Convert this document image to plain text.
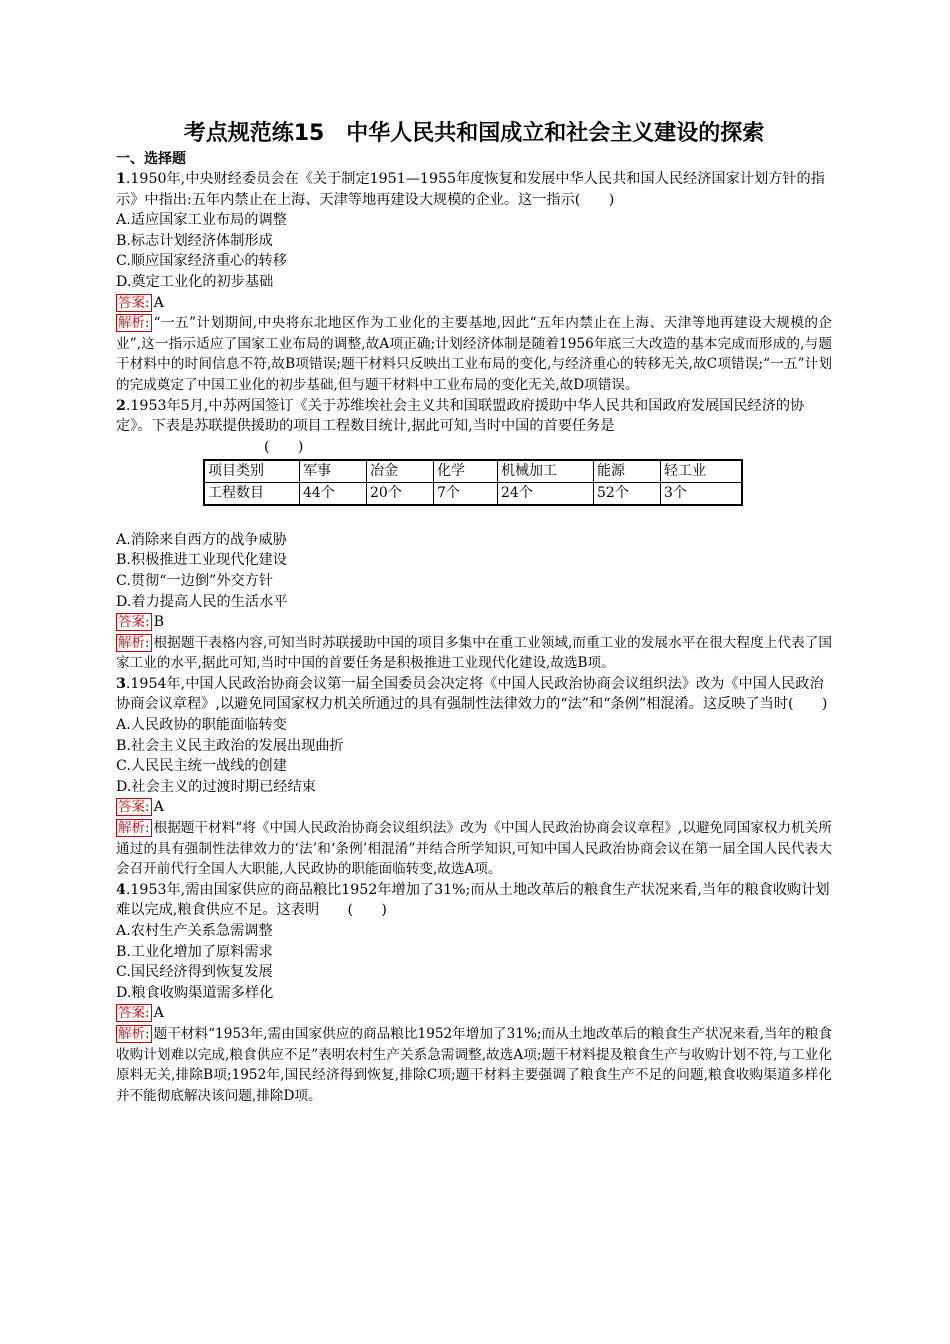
考点规范练15　中华人民共和国成立和社会主义建设的探索
一、选择题

1.1950年,中央财经委员会在《关于制定1951—1955年度恢复和发展中华人民共和国人民经济国家计划方针的指示》中指出:五年内禁止在上海、天津等地再建设大规模的企业。这一指示(　　)

A.适应国家工业布局的调整

B.标志计划经济体制形成

C.顺应国家经济重心的转移

D.奠定工业化的初步基础

答案: A

解析: “一五”计划期间,中央将东北地区作为工业化的主要基地,因此“五年内禁止在上海、天津等地再建设大规模的企业”,这一指示适应了国家工业布局的调整,故A项正确;计划经济体制是随着1956年底三大改造的基本完成而形成的,与题干材料中的时间信息不符,故B项错误;题干材料只反映出工业布局的变化,与经济重心的转移无关,故C项错误;“一五”计划的完成奠定了中国工业化的初步基础,但与题干材料中工业布局的变化无关,故D项错误。

2.1953年5月,中苏两国签订《关于苏维埃社会主义共和国联盟政府援助中华人民共和国政府发展国民经济的协定》。下表是苏联提供援助的项目工程数目统计,据此可知,当时中国的首要任务是

(　　)

项目类别	军事	冶金	化学	机械加工	能源	轻工业
工程数目	44个	20个	7个	24个	52个	3个

A.消除来自西方的战争威胁

B.积极推进工业现代化建设

C.贯彻“一边倒”外交方针

D.着力提高人民的生活水平

答案: B

解析: 根据题干表格内容,可知当时苏联援助中国的项目多集中在重工业领域,而重工业的发展水平在很大程度上代表了国家工业的水平,据此可知,当时中国的首要任务是积极推进工业现代化建设,故选B项。

3.1954年,中国人民政治协商会议第一届全国委员会决定将《中国人民政治协商会议组织法》改为《中国人民政治协商会议章程》,以避免同国家权力机关所通过的具有强制性法律效力的“法”和“条例”相混淆。这反映了当时(　　)

A.人民政协的职能面临转变

B.社会主义民主政治的发展出现曲折

C.人民民主统一战线的创建

D.社会主义的过渡时期已经结束

答案: A

解析: 根据题干材料“将《中国人民政治协商会议组织法》改为《中国人民政治协商会议章程》,以避免同国家权力机关所通过的具有强制性法律效力的‘法’和‘条例’相混淆”并结合所学知识,可知中国人民政治协商会议在第一届全国人民代表大会召开前代行全国人大职能,人民政协的职能面临转变,故选A项。

4.1953年,需由国家供应的商品粮比1952年增加了31%;而从土地改革后的粮食生产状况来看,当年的粮食收购计划难以完成,粮食供应不足。这表明　　(　　)

A.农村生产关系急需调整

B.工业化增加了原料需求

C.国民经济得到恢复发展

D.粮食收购渠道需多样化

答案: A

解析: 题干材料“1953年,需由国家供应的商品粮比1952年增加了31%;而从土地改革后的粮食生产状况来看,当年的粮食收购计划难以完成,粮食供应不足”表明农村生产关系急需调整,故选A项;题干材料提及粮食生产与收购计划不符,与工业化原料无关,排除B项;1952年,国民经济得到恢复,排除C项;题干材料主要强调了粮食生产不足的问题,粮食收购渠道多样化并不能彻底解决该问题,排除D项。
